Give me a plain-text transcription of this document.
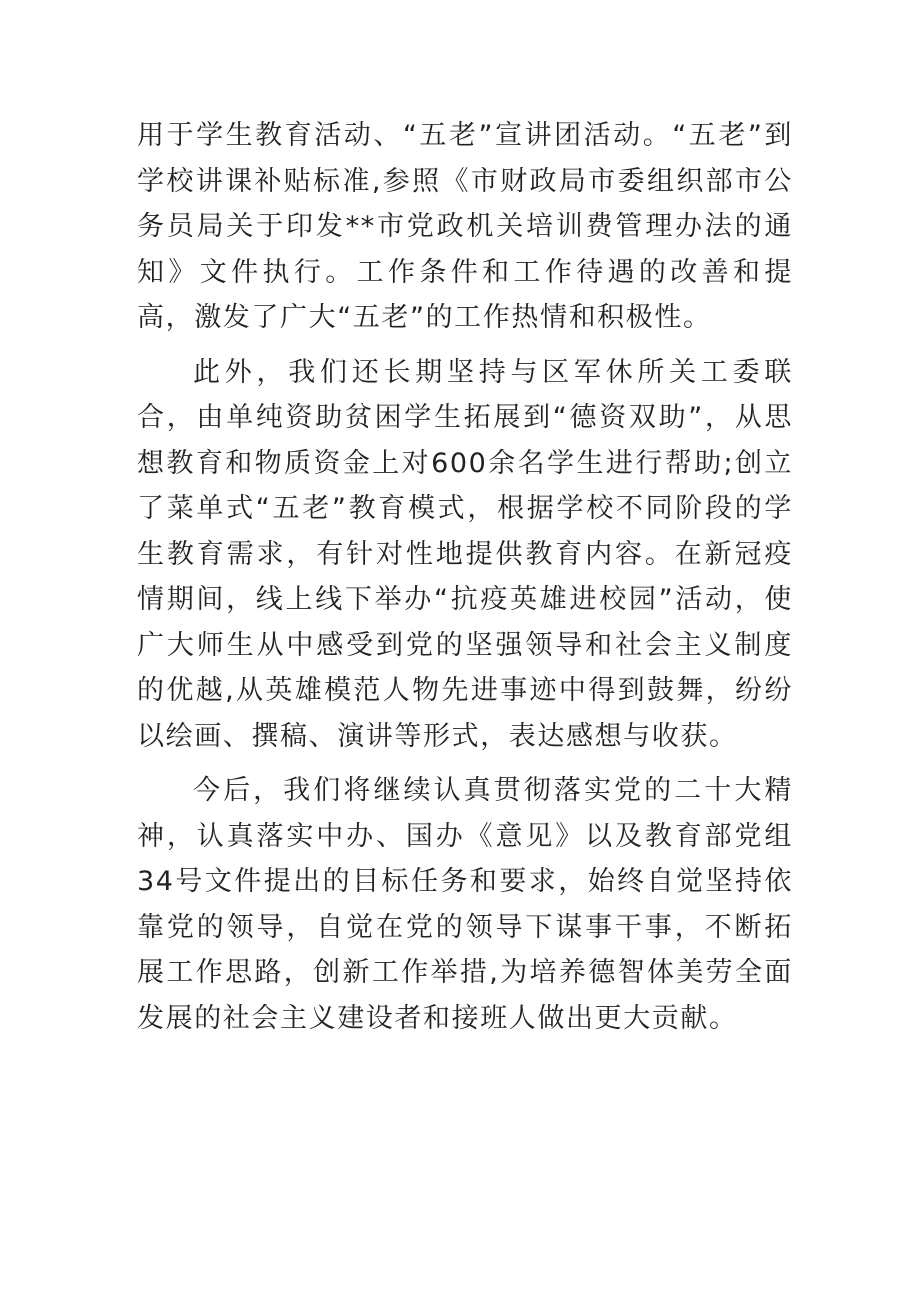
用于学生教育活动、“五老”宣讲团活动。“五老”到学校讲课补贴标准,参照《市财政局市委组织部市公务员局关于印发**市党政机关培训费管理办法的通知》文件执行。工作条件和工作待遇的改善和提高，激发了广大“五老”的工作热情和积极性。

此外，我们还长期坚持与区军休所关工委联合，由单纯资助贫困学生拓展到“德资双助”，从思想教育和物质资金上对600余名学生进行帮助;创立了菜单式“五老”教育模式，根据学校不同阶段的学生教育需求，有针对性地提供教育内容。在新冠疫情期间，线上线下举办“抗疫英雄进校园”活动，使广大师生从中感受到党的坚强领导和社会主义制度的优越,从英雄模范人物先进事迹中得到鼓舞，纷纷以绘画、撰稿、演讲等形式，表达感想与收获。

今后，我们将继续认真贯彻落实党的二十大精神，认真落实中办、国办《意见》以及教育部党组34号文件提出的目标任务和要求，始终自觉坚持依靠党的领导，自觉在党的领导下谋事干事，不断拓展工作思路，创新工作举措,为培养德智体美劳全面发展的社会主义建设者和接班人做出更大贡献。
